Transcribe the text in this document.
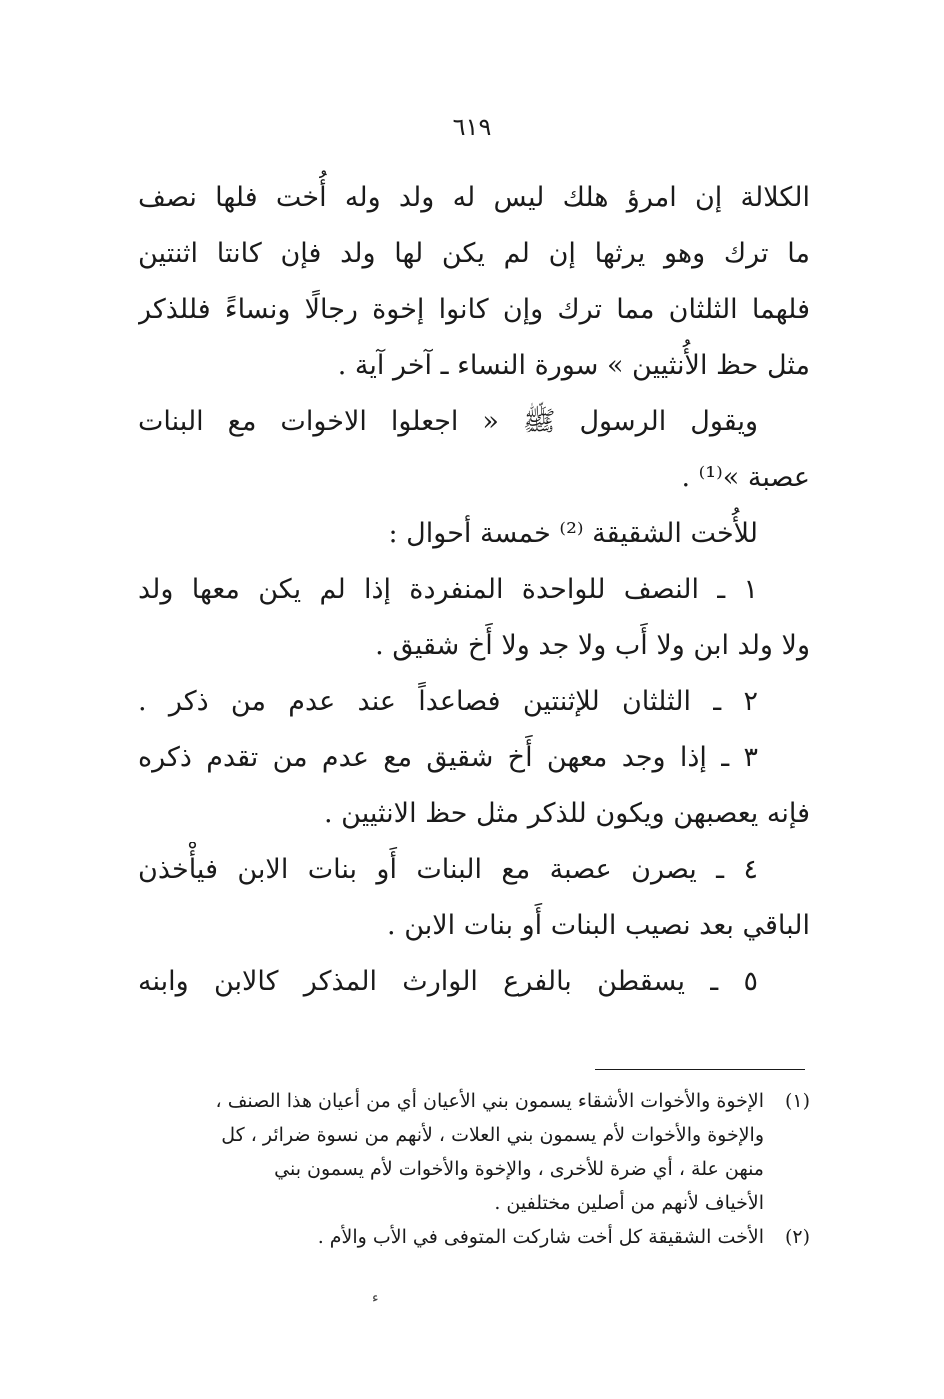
٦١٩
الكلالة إن امرؤ هلك ليس له ولد وله أُخت فلها نصف
ما ترك وهو يرثها إن لم يكن لها ولد فإن كانتا اثنتين
فلهما الثلثان مما ترك وإن كانوا إخوة رجالًا ونساءً فللذكر
مثل حظ الأُنثيين » سورة النساء ـ آخر آية .
ويقول الرسول ﷺ « اجعلوا الاخوات مع البنات
عصبة »⁽¹⁾ .
للأُخت الشقيقة ⁽²⁾ خمسة أحوال :
١ ـ النصف للواحدة المنفردة إذا لم يكن معها ولد
ولا ولد ابن ولا أَب ولا جد ولا أَخ شقيق .
٢ ـ الثلثان للإثنتين فصاعداً عند عدم من ذكر .
٣ ـ إذا وجد معهن أَخ شقيق مع عدم من تقدم ذكره
فإنه يعصبهن ويكون للذكر مثل حظ الانثيين .
٤ ـ يصرن عصبة مع البنات أَو بنات الابن فيأْخذن
الباقي بعد نصيب البنات أَو بنات الابن .
٥ ـ يسقطن بالفرع الوارث المذكر كالابن وابنه
(١)
الإخوة والأخوات الأشقاء يسمون بني الأعيان أي من أعيان هذا الصنف ،
والإخوة والأخوات لأم يسمون بني العلات ، لأنهم من نسوة ضرائر ، كل
منهن علة ، أي ضرة للأخرى ، والإخوة والأخوات لأم يسمون بني
الأخياف لأنهم من أصلين مختلفين .
(٢)
الأخت الشقيقة كل أخت شاركت المتوفى في الأب والأم .
ء
